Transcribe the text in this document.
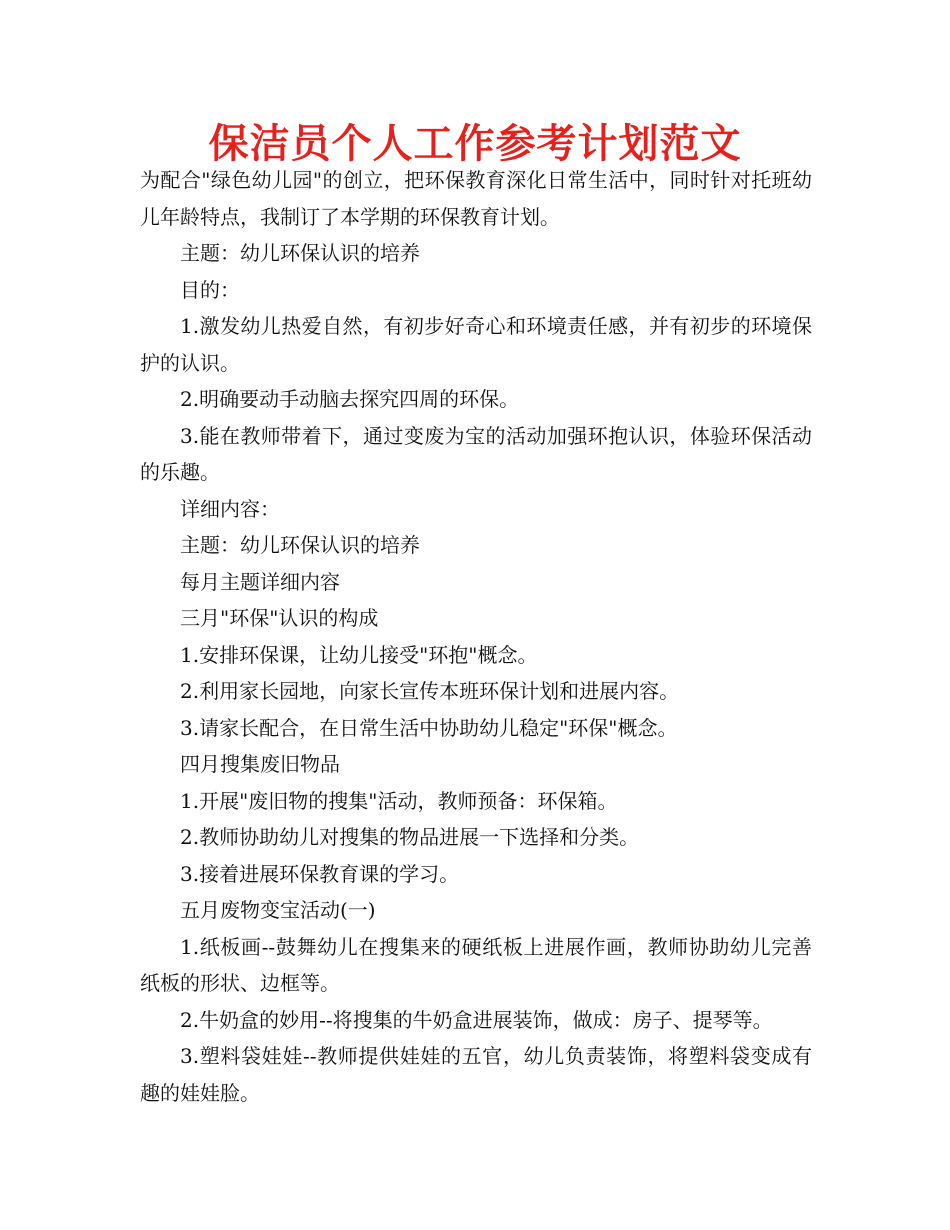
保洁员个人工作参考计划范文

为配合"绿色幼儿园"的创立，把环保教育深化日常生活中，同时针对托班幼儿年龄特点，我制订了本学期的环保教育计划。

主题：幼儿环保认识的培养

目的：

1.激发幼儿热爱自然，有初步好奇心和环境责任感，并有初步的环境保护的认识。

2.明确要动手动脑去探究四周的环保。

3.能在教师带着下，通过变废为宝的活动加强环抱认识，体验环保活动的乐趣。

详细内容：

主题：幼儿环保认识的培养

每月主题详细内容

三月"环保"认识的构成

1.安排环保课，让幼儿接受"环抱"概念。

2.利用家长园地，向家长宣传本班环保计划和进展内容。

3.请家长配合，在日常生活中协助幼儿稳定"环保"概念。

四月搜集废旧物品

1.开展"废旧物的搜集"活动，教师预备：环保箱。

2.教师协助幼儿对搜集的物品进展一下选择和分类。

3.接着进展环保教育课的学习。

五月废物变宝活动(一)

1.纸板画--鼓舞幼儿在搜集来的硬纸板上进展作画，教师协助幼儿完善纸板的形状、边框等。

2.牛奶盒的妙用--将搜集的牛奶盒进展装饰，做成：房子、提琴等。

3.塑料袋娃娃--教师提供娃娃的五官，幼儿负责装饰，将塑料袋变成有趣的娃娃脸。
